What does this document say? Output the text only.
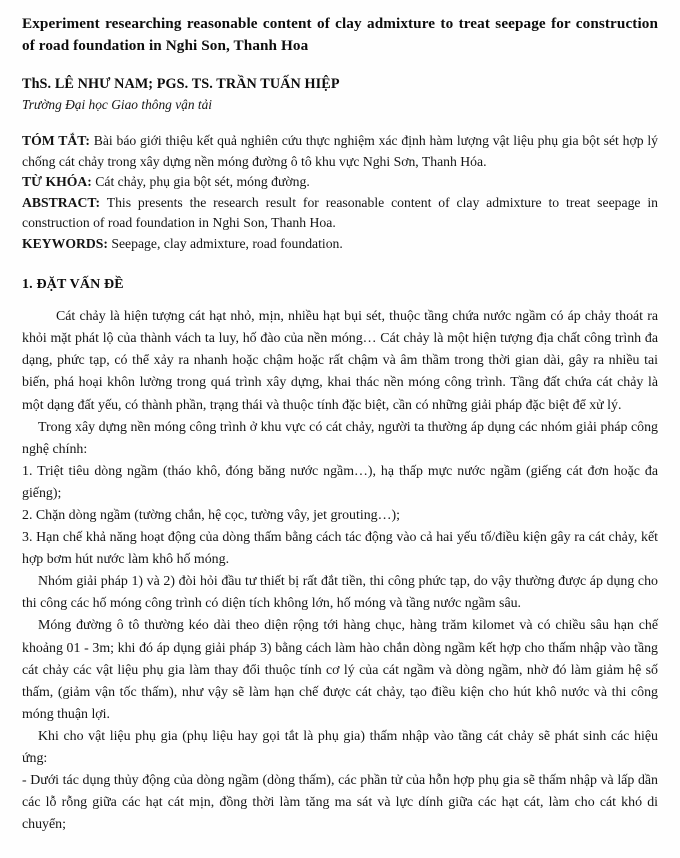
Experiment researching reasonable content of clay admixture to treat seepage for construction of road foundation in Nghi Son, Thanh Hoa
ThS. LÊ NHƯ NAM; PGS. TS. TRẦN TUẤN HIỆP
Trường Đại học Giao thông vận tải

TÓM TẮT: Bài báo giới thiệu kết quả nghiên cứu thực nghiệm xác định hàm lượng vật liệu phụ gia bột sét hợp lý chống cát chảy trong xây dựng nền móng đường ô tô khu vực Nghi Sơn, Thanh Hóa.

TỪ KHÓA: Cát chảy, phụ gia bột sét, móng đường.

ABSTRACT: This presents the research result for reasonable content of clay admixture to treat seepage in construction of road foundation in Nghi Son, Thanh Hoa.

KEYWORDS: Seepage, clay admixture, road foundation.

1. ĐẶT VẤN ĐỀ

Cát chảy là hiện tượng cát hạt nhỏ, mịn, nhiều hạt bụi sét, thuộc tầng chứa nước ngầm có áp chảy thoát ra khỏi mặt phát lộ của thành vách ta luy, hố đào của nền móng… Cát chảy là một hiện tượng địa chất công trình đa dạng, phức tạp, có thể xảy ra nhanh hoặc chậm hoặc rất chậm và âm thầm trong thời gian dài, gây ra nhiều tai biến, phá hoại khôn lường trong quá trình xây dựng, khai thác nền móng công trình. Tầng đất chứa cát chảy là một dạng đất yếu, có thành phần, trạng thái và thuộc tính đặc biệt, cần có những giải pháp đặc biệt để xử lý.

Trong xây dựng nền móng công trình ở khu vực có cát chảy, người ta thường áp dụng các nhóm giải pháp công nghệ chính:

1. Triệt tiêu dòng ngầm (tháo khô, đóng băng nước ngầm…), hạ thấp mực nước ngầm (giếng cát đơn hoặc đa giếng);

2. Chặn dòng ngầm (tường chắn, hệ cọc, tường vây, jet grouting…);

3. Hạn chế khả năng hoạt động của dòng thấm bằng cách tác động vào cả hai yếu tố/điều kiện gây ra cát chảy, kết hợp bơm hút nước làm khô hố móng.

Nhóm giải pháp 1) và 2) đòi hỏi đầu tư thiết bị rất đắt tiền, thi công phức tạp, do vậy thường được áp dụng cho thi công các hố móng công trình có diện tích không lớn, hố móng và tầng nước ngầm sâu.

Móng đường ô tô thường kéo dài theo diện rộng tới hàng chục, hàng trăm kilomet và có chiều sâu hạn chế khoảng 01 - 3m; khi đó áp dụng giải pháp 3) bằng cách làm hào chắn dòng ngầm kết hợp cho thấm nhập vào tầng cát chảy các vật liệu phụ gia làm thay đổi thuộc tính cơ lý của cát ngầm và dòng ngầm, nhờ đó làm giảm hệ số thấm, (giảm vận tốc thấm), như vậy sẽ làm hạn chế được cát chảy, tạo điều kiện cho hút khô nước và thi công móng thuận lợi.

Khi cho vật liệu phụ gia (phụ liệu hay gọi tắt là phụ gia) thấm nhập vào tầng cát chảy sẽ phát sinh các hiệu ứng:

- Dưới tác dụng thủy động của dòng ngầm (dòng thấm), các phần tử của hỗn hợp phụ gia sẽ thấm nhập và lấp dần các lỗ rỗng giữa các hạt cát mịn, đồng thời làm tăng ma sát và lực dính giữa các hạt cát, làm cho cát khó di chuyển;
